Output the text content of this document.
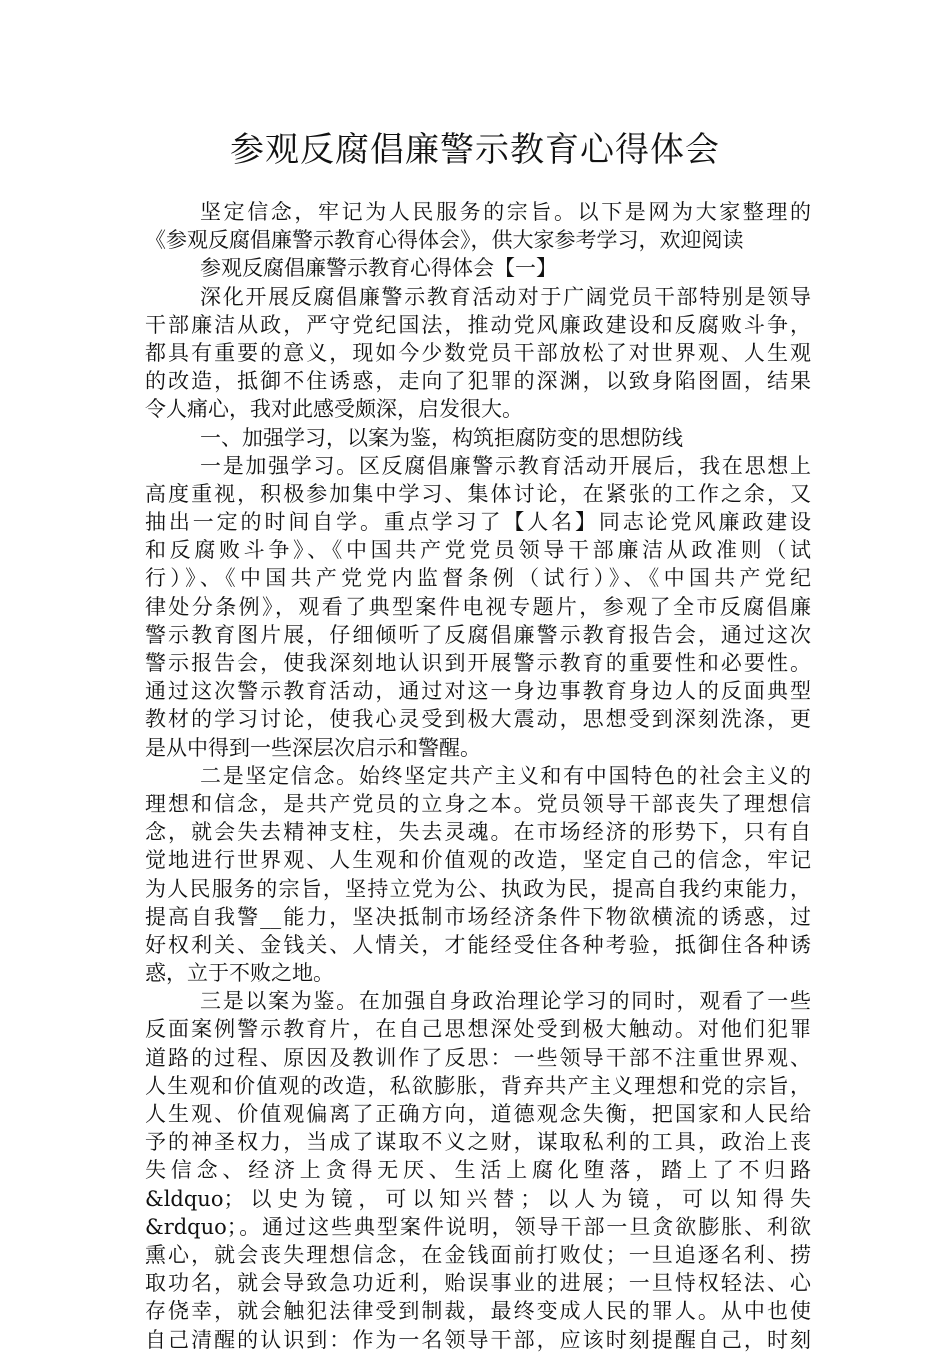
参观反腐倡廉警示教育心得体会
坚定信念，牢记为人民服务的宗旨。以下是网为大家整理的
《参观反腐倡廉警示教育心得体会》，供大家参考学习，欢迎阅读
参观反腐倡廉警示教育心得体会【一】
深化开展反腐倡廉警示教育活动对于广阔党员干部特别是领导
干部廉洁从政，严守党纪国法，推动党风廉政建设和反腐败斗争，
都具有重要的意义，现如今少数党员干部放松了对世界观、人生观
的改造，抵御不住诱惑，走向了犯罪的深渊，以致身陷囹圄，结果
令人痛心，我对此感受颇深，启发很大。
一、加强学习，以案为鉴，构筑拒腐防变的思想防线
一是加强学习。区反腐倡廉警示教育活动开展后，我在思想上
高度重视，积极参加集中学习、集体讨论，在紧张的工作之余，又
抽出一定的时间自学。重点学习了【人名】同志论党风廉政建设
和反腐败斗争》、《中国共产党党员领导干部廉洁从政准则（试
行）》、《中国共产党党内监督条例（试行）》、《中国共产党纪
律处分条例》，观看了典型案件电视专题片，参观了全市反腐倡廉
警示教育图片展，仔细倾听了反腐倡廉警示教育报告会，通过这次
警示报告会，使我深刻地认识到开展警示教育的重要性和必要性。
通过这次警示教育活动，通过对这一身边事教育身边人的反面典型
教材的学习讨论，使我心灵受到极大震动，思想受到深刻洗涤，更
是从中得到一些深层次启示和警醒。
二是坚定信念。始终坚定共产主义和有中国特色的社会主义的
理想和信念，是共产党员的立身之本。党员领导干部丧失了理想信
念，就会失去精神支柱，失去灵魂。在市场经济的形势下，只有自
觉地进行世界观、人生观和价值观的改造，坚定自己的信念，牢记
为人民服务的宗旨，坚持立党为公、执政为民，提高自我约束能力，
提高自我警__能力，坚决抵制市场经济条件下物欲横流的诱惑，过
好权利关、金钱关、人情关，才能经受住各种考验，抵御住各种诱
惑，立于不败之地。
三是以案为鉴。在加强自身政治理论学习的同时，观看了一些
反面案例警示教育片，在自己思想深处受到极大触动。对他们犯罪
道路的过程、原因及教训作了反思：一些领导干部不注重世界观、
人生观和价值观的改造，私欲膨胀，背弃共产主义理想和党的宗旨，
人生观、价值观偏离了正确方向，道德观念失衡，把国家和人民给
予的神圣权力，当成了谋取不义之财，谋取私利的工具，政治上丧
失信念、经济上贪得无厌、生活上腐化堕落，踏上了不归路
&ldquo；以史为镜，可以知兴替；以人为镜，可以知得失
&rdquo；。通过这些典型案件说明，领导干部一旦贪欲膨胀、利欲
熏心，就会丧失理想信念，在金钱面前打败仗；一旦追逐名利、捞
取功名，就会导致急功近利，贻误事业的进展；一旦恃权轻法、心
存侥幸，就会触犯法律受到制裁，最终变成人民的罪人。从中也使
自己清醒的认识到：作为一名领导干部，应该时刻提醒自己，时刻
